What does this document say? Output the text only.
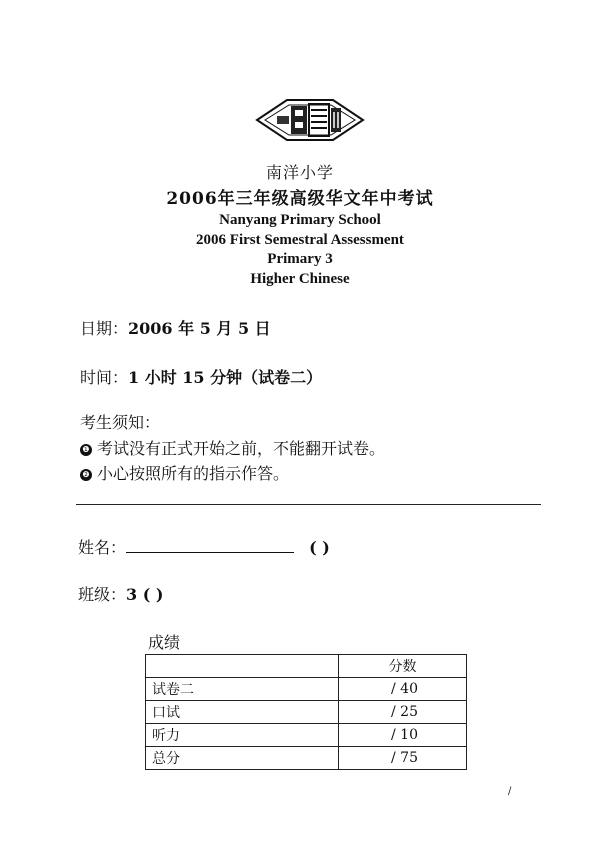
南洋小学
2006年三年级高级华文年中考试
Nanyang Primary School
2006 First Semestral Assessment
Primary 3
Higher Chinese
日期：2006 年 5 月 5 日
时间：1 小时 15 分钟（试卷二）
考生须知：
❶ 考试没有正式开始之前，不能翻开试卷。
❷ 小心按照所有的指示作答。
姓名：	( )
班级：3 ( )
成绩
	分数
试卷二	/ 40
口试	/ 25
听力	/ 10
总分	/ 75
/
